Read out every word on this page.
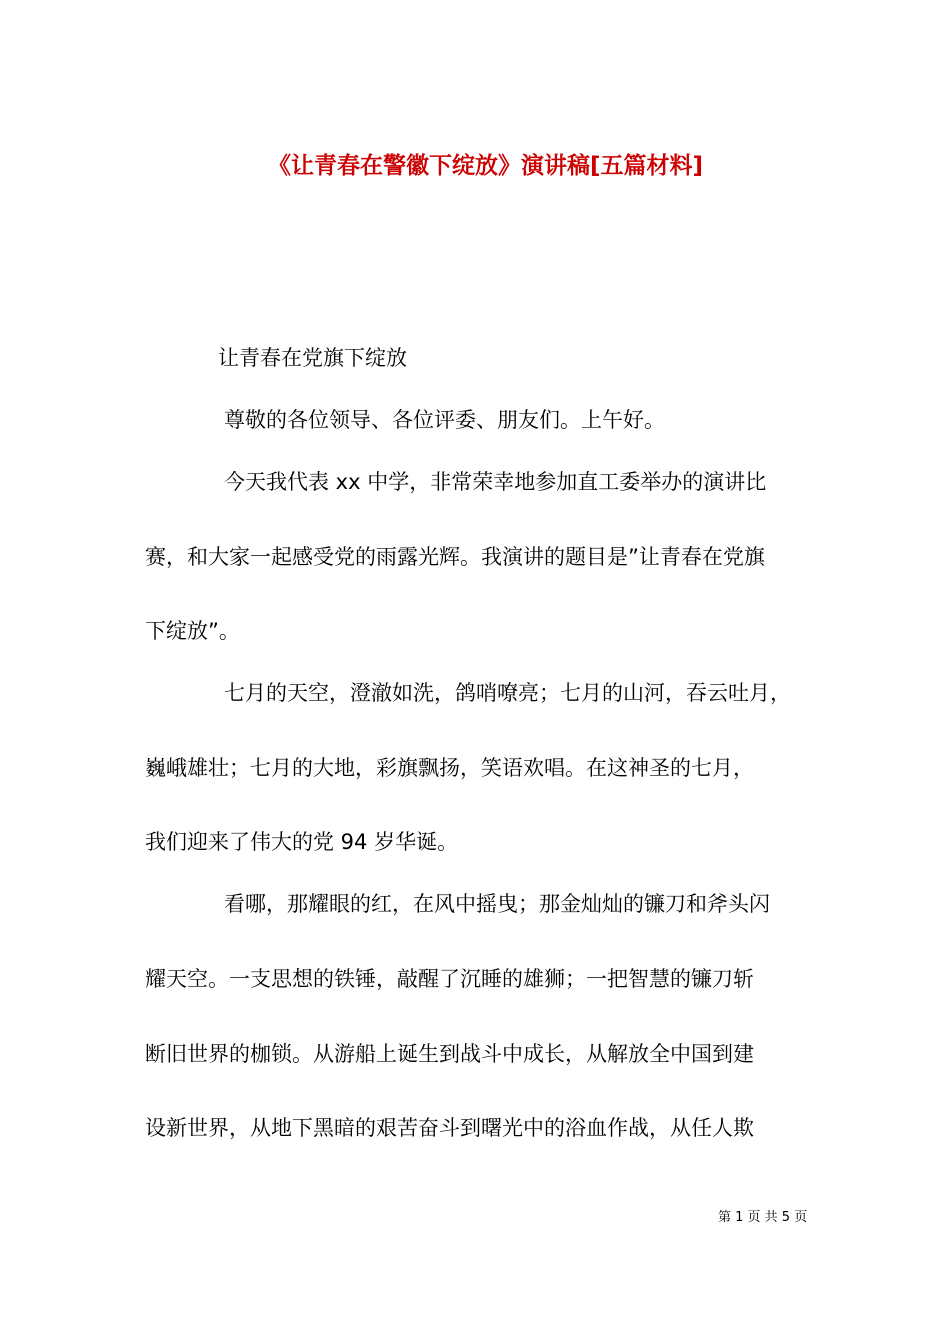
《让青春在警徽下绽放》演讲稿[五篇材料]

让青春在党旗下绽放

尊敬的各位领导、各位评委、朋友们。上午好。

今天我代表 xx 中学，非常荣幸地参加直工委举办的演讲比

赛，和大家一起感受党的雨露光辉。我演讲的题目是”让青春在党旗

下绽放”。

七月的天空，澄澈如洗，鸽哨嘹亮；七月的山河，吞云吐月，

巍峨雄壮；七月的大地，彩旗飘扬，笑语欢唱。在这神圣的七月，

我们迎来了伟大的党 94 岁华诞。

看哪，那耀眼的红，在风中摇曳；那金灿灿的镰刀和斧头闪

耀天空。一支思想的铁锤，敲醒了沉睡的雄狮；一把智慧的镰刀斩

断旧世界的枷锁。从游船上诞生到战斗中成长，从解放全中国到建

设新世界，从地下黑暗的艰苦奋斗到曙光中的浴血作战，从任人欺

第 1 页 共 5 页
